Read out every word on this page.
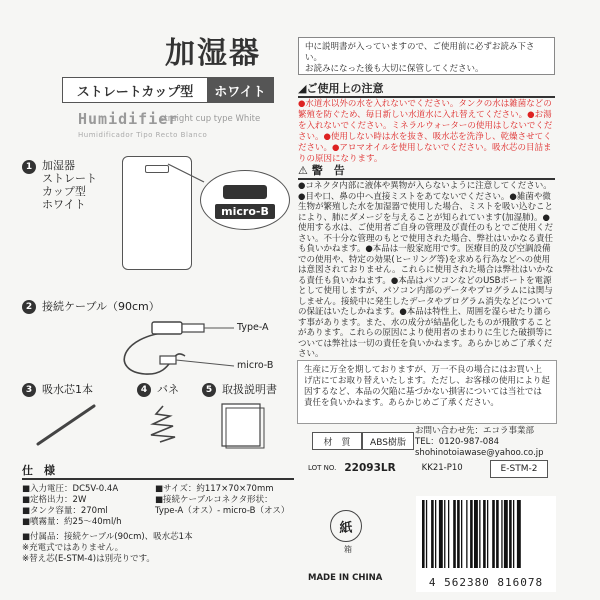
加湿器
ストレートカップ型	ホワイト
Humidifier
straight cup type White
Humidificador Tipo Recto Blanco
1 加湿器
ストレート
カップ型
ホワイト
micro-B
2 接続ケーブル（90cm）
Type-A
micro-B
3 吸水芯1本	4 バネ	5 取扱説明書
仕　様
■入力電圧：DC5V-0.4A
■定格出力：2W
■タンク容量：270ml
■噴霧量：約25～40ml/h
■サイズ：約117×70×70mm
■接続ケーブルコネクタ形状：
Type-A（オス）- micro-B（オス）
■付属品：接続ケーブル(90cm)、吸水芯1本
※充電式ではありません。
※替え芯(E-STM-4)は別売りです。
中に説明書が入っていますので、ご使用前に必ずお読み下さい。
お読みになった後も大切に保管してください。
◢ご使用上の注意
●水道水以外の水を入れないでください。タンクの水は雑菌などの繁殖を防ぐため、毎日新しい水道水に入れ替えてください。●お湯を入れないでください。ミネラルウォーターの使用はしないでください。●使用しない時は水を抜き、吸水芯を洗浄し、乾燥させてください。●アロマオイルを使用しないでください。吸水芯の目詰まりの原因になります。
⚠ 警　告
●コネクタ内部に液体や異物が入らないように注意してください。●目や口、鼻の中へ直接ミストをあてないでください。●雑菌や微生物が繁殖した水を加湿器で使用した場合、ミストを吸い込むことにより、肺にダメージを与えることが知られています(加湿肺)。●使用する水は、ご使用者ご自身の管理及び責任のもとでご使用ください。不十分な管理のもとで使用された場合、弊社はいかなる責任も負いかねます。●本品は一般家庭用です。医療目的及び空調設備での使用や、特定の効果(ヒーリング等)を求める行為などへの使用は意図されておりません。これらに使用された場合は弊社はいかなる責任も負いかねます。●本品はパソコンなどのUSBポートを電源として使用しますが、パソコン内部のデータやプログラムには関与しません。接続中に発生したデータやプログラム消失などについての保証はいたしかねます。●本品は特性上、周囲を湿らせたり濡らす事があります。また、水の成分が結晶化したものが飛散することがあります。これらの原因により使用者のまわりに生じた破損等については弊社は一切の責任を負いかねます。あらかじめご了承ください。
生産に万全を期しておりますが、万一不良の場合にはお買い上げ店にてお取り替えいたします。ただし、お客様の使用により起因するなど、本品の欠陥に基づかない損害については当社では責任を負いかねます。あらかじめご了承ください。
お問い合わせ先：エコラ事業部
TEL：0120-987-084
shohinotoiawase@yahoo.co.jp
材　質	ABS樹脂
LOT NO. 22093LR	KK21-P10	E-STM-2
紙
箱
MADE IN CHINA	4 562380 816078
